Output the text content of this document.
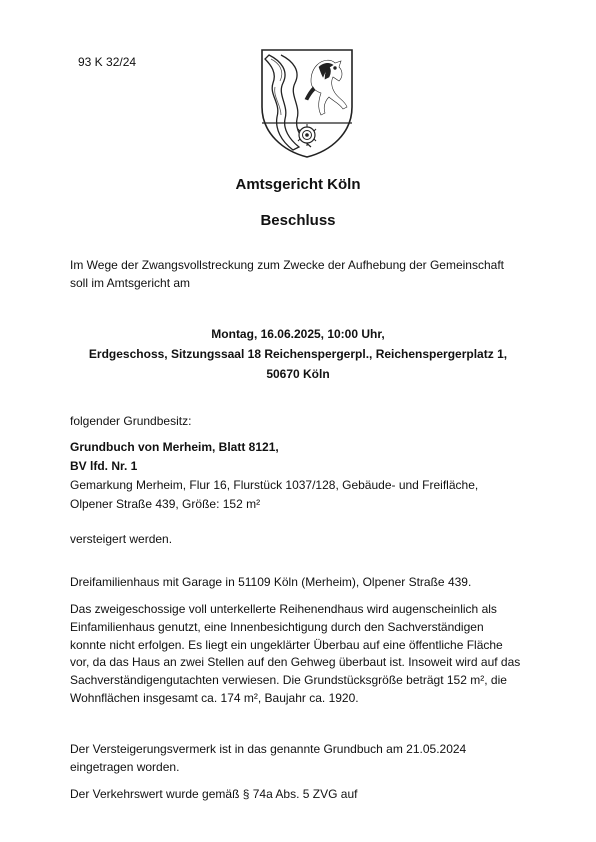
93 K 32/24
Amtsgericht Köln
Beschluss
Im Wege der Zwangsvollstreckung zum Zwecke der Aufhebung der Gemeinschaft
soll im Amtsgericht am
Montag, 16.06.2025, 10:00 Uhr,
Erdgeschoss, Sitzungssaal 18 Reichenspergerpl., Reichenspergerplatz 1,
50670 Köln
folgender Grundbesitz:
Grundbuch von Merheim, Blatt 8121,
BV lfd. Nr. 1
Gemarkung Merheim, Flur 16, Flurstück 1037/128, Gebäude- und Freifläche,
Olpener Straße 439, Größe: 152 m²
versteigert werden.
Dreifamilienhaus mit Garage in 51109 Köln (Merheim), Olpener Straße 439.
Das zweigeschossige voll unterkellerte Reihenendhaus wird augenscheinlich als
Einfamilienhaus genutzt, eine Innenbesichtigung durch den Sachverständigen
konnte nicht erfolgen. Es liegt ein ungeklärter Überbau auf eine öffentliche Fläche
vor, da das Haus an zwei Stellen auf den Gehweg überbaut ist. Insoweit wird auf das
Sachverständigengutachten verwiesen. Die Grundstücksgröße beträgt 152 m², die
Wohnflächen insgesamt ca. 174 m², Baujahr ca. 1920.
Der Versteigerungsvermerk ist in das genannte Grundbuch am 21.05.2024
eingetragen worden.
Der Verkehrswert wurde gemäß § 74a Abs. 5 ZVG auf
